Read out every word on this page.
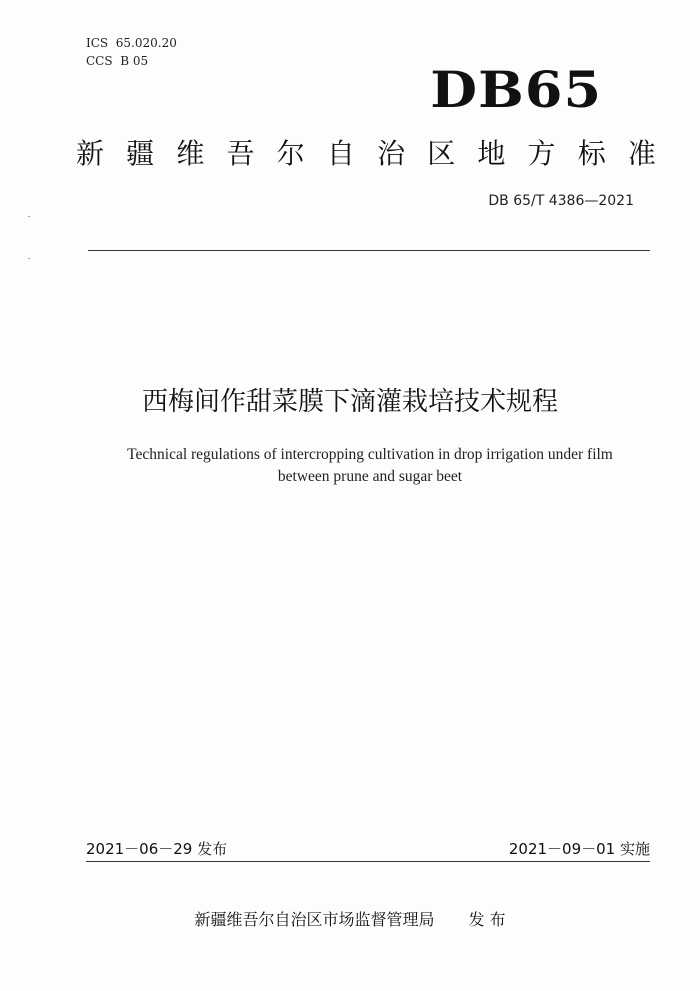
ICS  65.020.20
CCS  B 05	DB65
新 疆 维 吾 尔 自 治 区 地 方 标 准
DB 65/T 4386—2021
西梅间作甜菜膜下滴灌栽培技术规程
Technical regulations of intercropping cultivation in drop irrigation under film
between prune and sugar beet
2021－06－29 发布	2021－09－01 实施
新疆维吾尔自治区市场监督管理局 发 布
